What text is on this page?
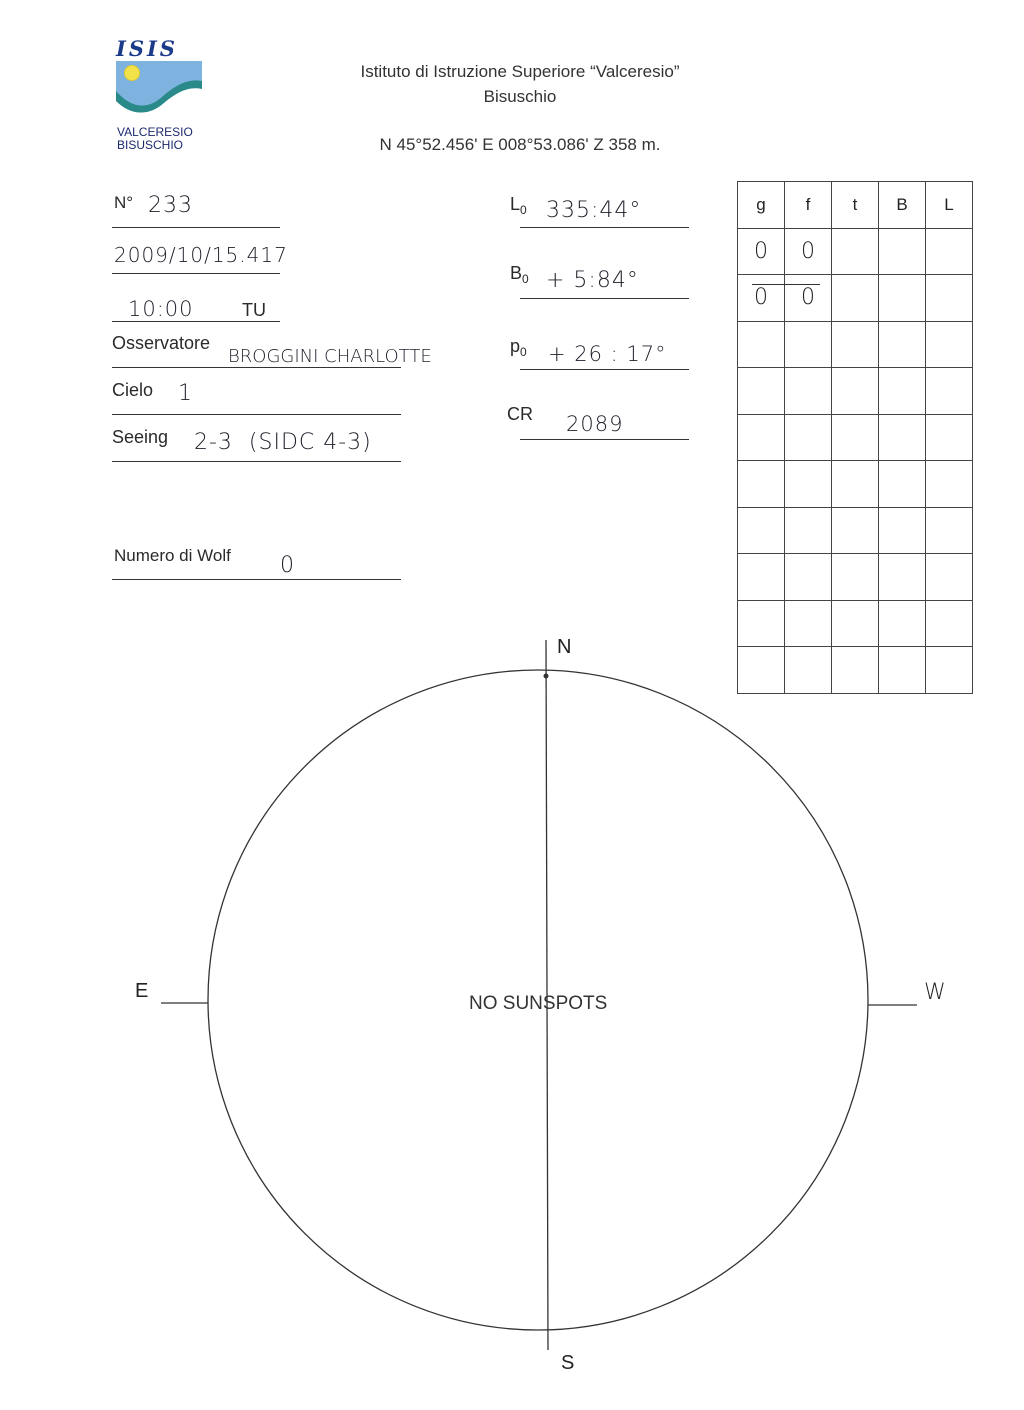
ISIS
VALCERESIO
BISUSCHIO
Istituto di Istruzione Superiore “Valceresio”
Bisuschio
N 45°52.456' E 008°53.086' Z 358 m.
N° 233
2009/10/15.417
10:00	TU
Osservatore
BROGGINI CHARLOTTE
Cielo 1
Seeing 2-3  (SIDC 4-3)
Numero di Wolf 0
$L_0$ 335:44°
$B_0$ + 5:84°
$p_0 + 26$ : 17°
CR 2089
g	f	t	B	L
0	0			
0	0			

N
S
E	W
NO SUNSPOTS
